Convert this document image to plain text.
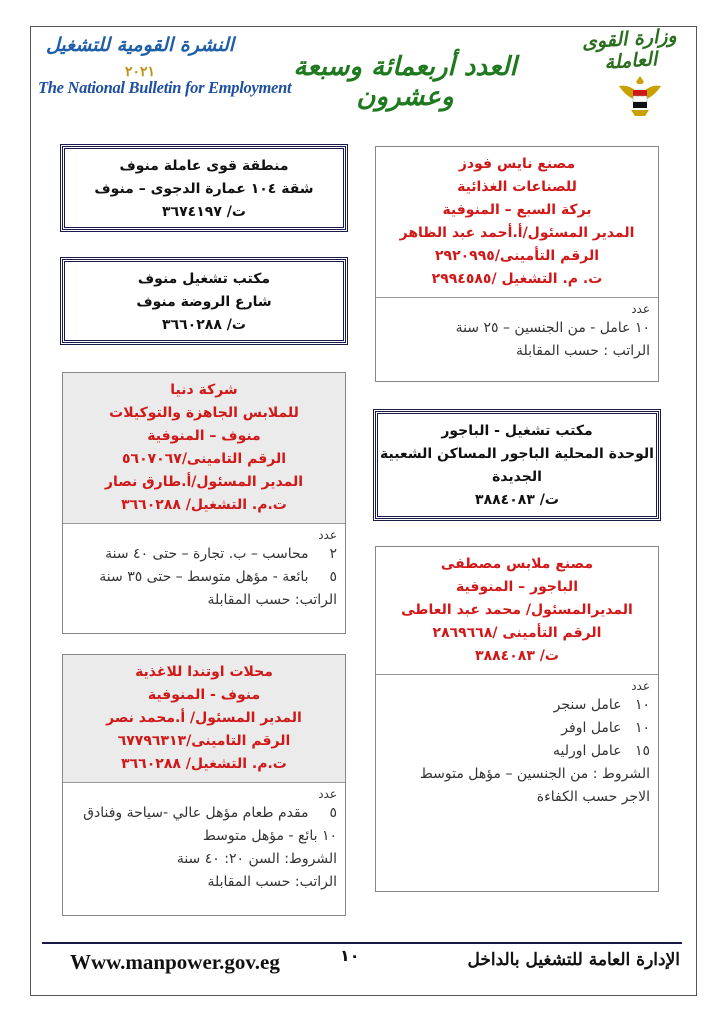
وزارة القوى العاملة
العدد أربعمائة وسبعة وعشرون
النشرة القومية للتشغيل
٢٠٢١
The National Bulletin for Employment
منطقة قوى عاملة منوف
شقة ١٠٤ عمارة الدجوى – منوف
ت/ ٣٦٧٤١٩٧
مكتب تشغيل منوف
شارع الروضة منوف
ت/ ٣٦٦٠٢٨٨
شركة دنيا
للملابس الجاهزة والتوكيلات
منوف – المنوفية
الرقم التامينى/٥٦٠٧٠٦٧
المدير المسئول/أ.طارق نصار
ت.م. التشغيل/ ٣٦٦٠٢٨٨
عدد
٢ محاسب – ب. تجارة – حتى ٤٠ سنة
٥ بائعة - مؤهل متوسط – حتى ٣٥ سنة
الراتب: حسب المقابلة
محلات اوتندا للاغذية
منوف - المنوفية
المدير المسئول/ أ.محمد نصر
الرقم التامينى/٦٧٧٩٦٣١٣
ت.م. التشغيل/ ٣٦٦٠٢٨٨
عدد
٥ مقدم طعام مؤهل عالي -سياحة وفنادق
١٠ بائع - مؤهل متوسط
الشروط: السن ٢٠: ٤٠ سنة
الراتب: حسب المقابلة
مصنع نايس فودز
للصناعات الغذائية
بركة السبع – المنوفية
المدير المسئول/أ.أحمد عبد الظاهر
الرقم التأمينى/٢٩٢٠٩٩٥
ت. م. التشغيل /٢٩٩٤٥٨٥
عدد
١٠ عامل - من الجنسين – ٢٥ سنة
الراتب : حسب المقابلة
مكتب تشغيل - الباجور
الوحدة المحلية الباجور المساكن الشعبية
الجديدة
ت/ ٣٨٨٤٠٨٣
مصنع ملابس مصطفى
الباجور – المنوفية
المديرالمسئول/ محمد عبد العاطى
الرقم التأمينى /٢٨٦٩٦٦٨
ت/ ٣٨٨٤٠٨٣
عدد
١٠ عامل سنجر
١٠ عامل اوفر
١٥ عامل اورليه
الشروط : من الجنسين – مؤهل متوسط
الاجر حسب الكفاءة
Www.manpower.gov.eg	١٠	الإدارة العامة للتشغيل بالداخل
